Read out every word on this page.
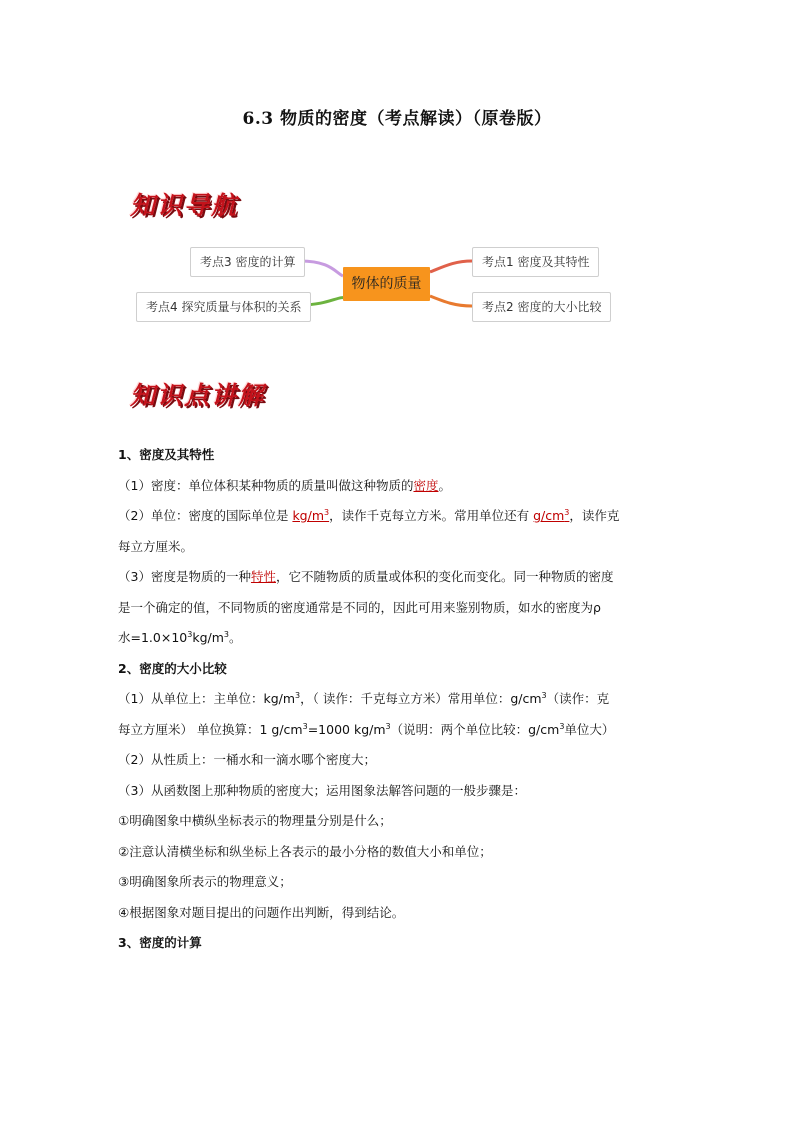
6.3 物质的密度（考点解读）（原卷版）
知识导航
考点3 密度的计算
考点4 探究质量与体积的关系
物体的质量
考点1 密度及其特性
考点2 密度的大小比较
知识点讲解

1、密度及其特性

（1）密度：单位体积某种物质的质量叫做这种物质的密度。

（2）单位：密度的国际单位是 $kg/m^3$，读作千克每立方米。常用单位还有 $g/cm^3$，读作克

每立方厘米。

（3）密度是物质的一种特性，它不随物质的质量或体积的变化而变化。同一种物质的密度

是一个确定的值，不同物质的密度通常是不同的，因此可用来鉴别物质，如水的密度为ρ

水$=1.0\times 10^3kg/m^3$。

2、密度的大小比较

（1）从单位上：主单位：$kg/m^3$，（ 读作：千克每立方米）常用单位：$g/cm^3$（读作：克

每立方厘米） 单位换算：1 $g/cm^3=1000$ $kg/m^3$（说明：两个单位比较：$g/cm^3$单位大）

（2）从性质上：一桶水和一滴水哪个密度大；

（3）从函数图上那种物质的密度大；运用图象法解答问题的一般步骤是：

①明确图象中横纵坐标表示的物理量分别是什么；

②注意认清横坐标和纵坐标上各表示的最小分格的数值大小和单位；

③明确图象所表示的物理意义；

④根据图象对题目提出的问题作出判断，得到结论。

3、密度的计算
